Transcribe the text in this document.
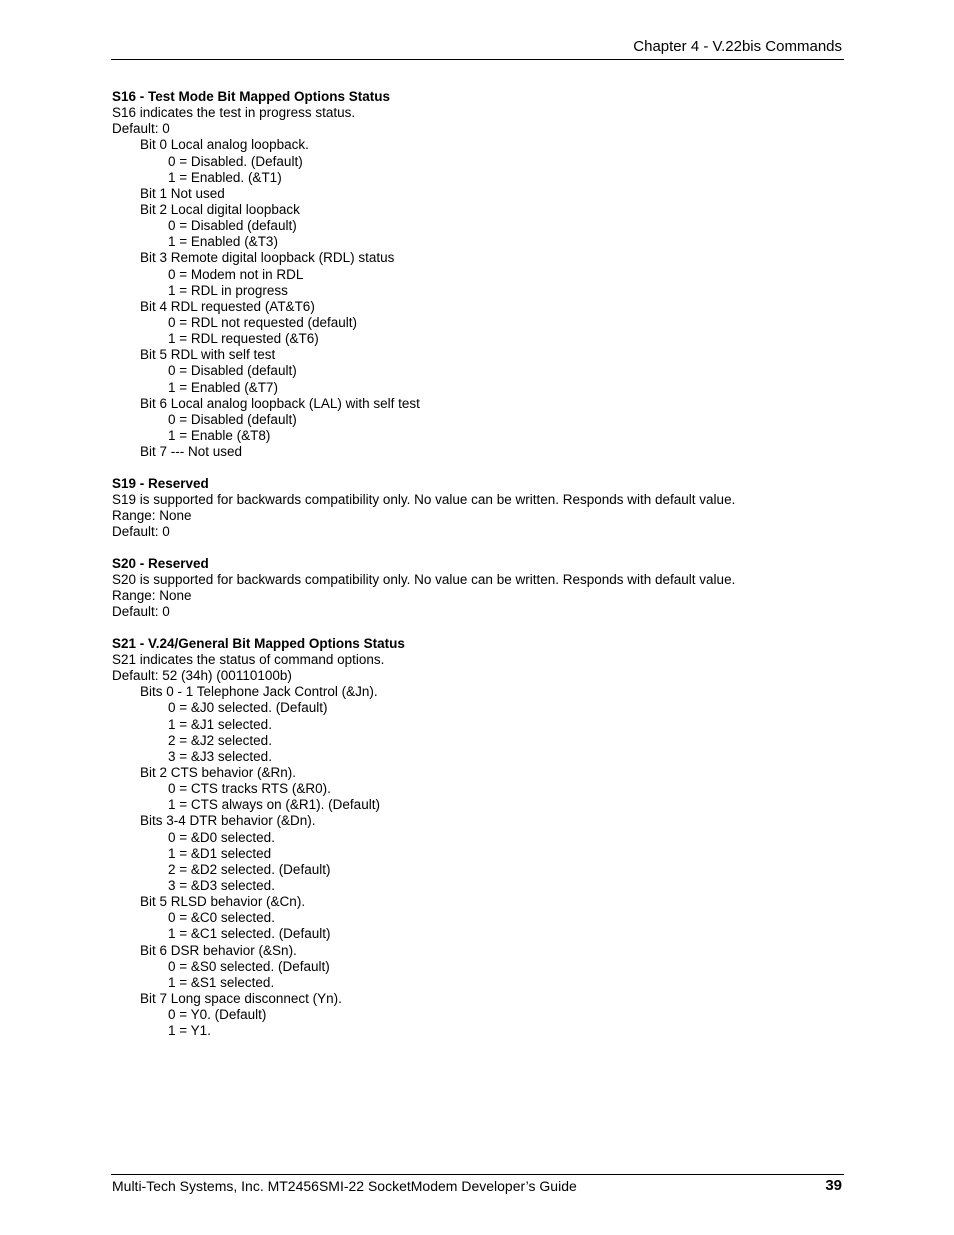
Chapter 4 - V.22bis Commands
S16 - Test Mode Bit Mapped Options Status
S16 indicates the test in progress status.
Default: 0
Bit 0 Local analog loopback.
0 = Disabled. (Default)
1 = Enabled. (&T1)
Bit 1 Not used
Bit 2 Local digital loopback
0 = Disabled (default)
1 = Enabled (&T3)
Bit 3 Remote digital loopback (RDL) status
0 = Modem not in RDL
1 = RDL in progress
Bit 4 RDL requested (AT&T6)
0 = RDL not requested (default)
1 = RDL requested (&T6)
Bit 5 RDL with self test
0 = Disabled (default)
1 = Enabled (&T7)
Bit 6 Local analog loopback (LAL) with self test
0 = Disabled (default)
1 = Enable (&T8)
Bit 7 --- Not used
S19 - Reserved
S19 is supported for backwards compatibility only. No value can be written. Responds with default value.
Range: None
Default: 0
S20 - Reserved
S20 is supported for backwards compatibility only. No value can be written. Responds with default value.
Range: None
Default: 0
S21 - V.24/General Bit Mapped Options Status
S21 indicates the status of command options.
Default: 52 (34h) (00110100b)
Bits 0 - 1 Telephone Jack Control (&Jn).
0 = &J0 selected. (Default)
1 = &J1 selected.
2 = &J2 selected.
3 = &J3 selected.
Bit 2 CTS behavior (&Rn).
0 = CTS tracks RTS (&R0).
1 = CTS always on (&R1). (Default)
Bits 3-4 DTR behavior (&Dn).
0 = &D0 selected.
1 = &D1 selected
2 = &D2 selected. (Default)
3 = &D3 selected.
Bit 5 RLSD behavior (&Cn).
0 = &C0 selected.
1 = &C1 selected. (Default)
Bit 6 DSR behavior (&Sn).
0 = &S0 selected. (Default)
1 = &S1 selected.
Bit 7 Long space disconnect (Yn).
0 = Y0. (Default)
1 = Y1.
Multi-Tech Systems, Inc. MT2456SMI-22 SocketModem Developer’s Guide	39
